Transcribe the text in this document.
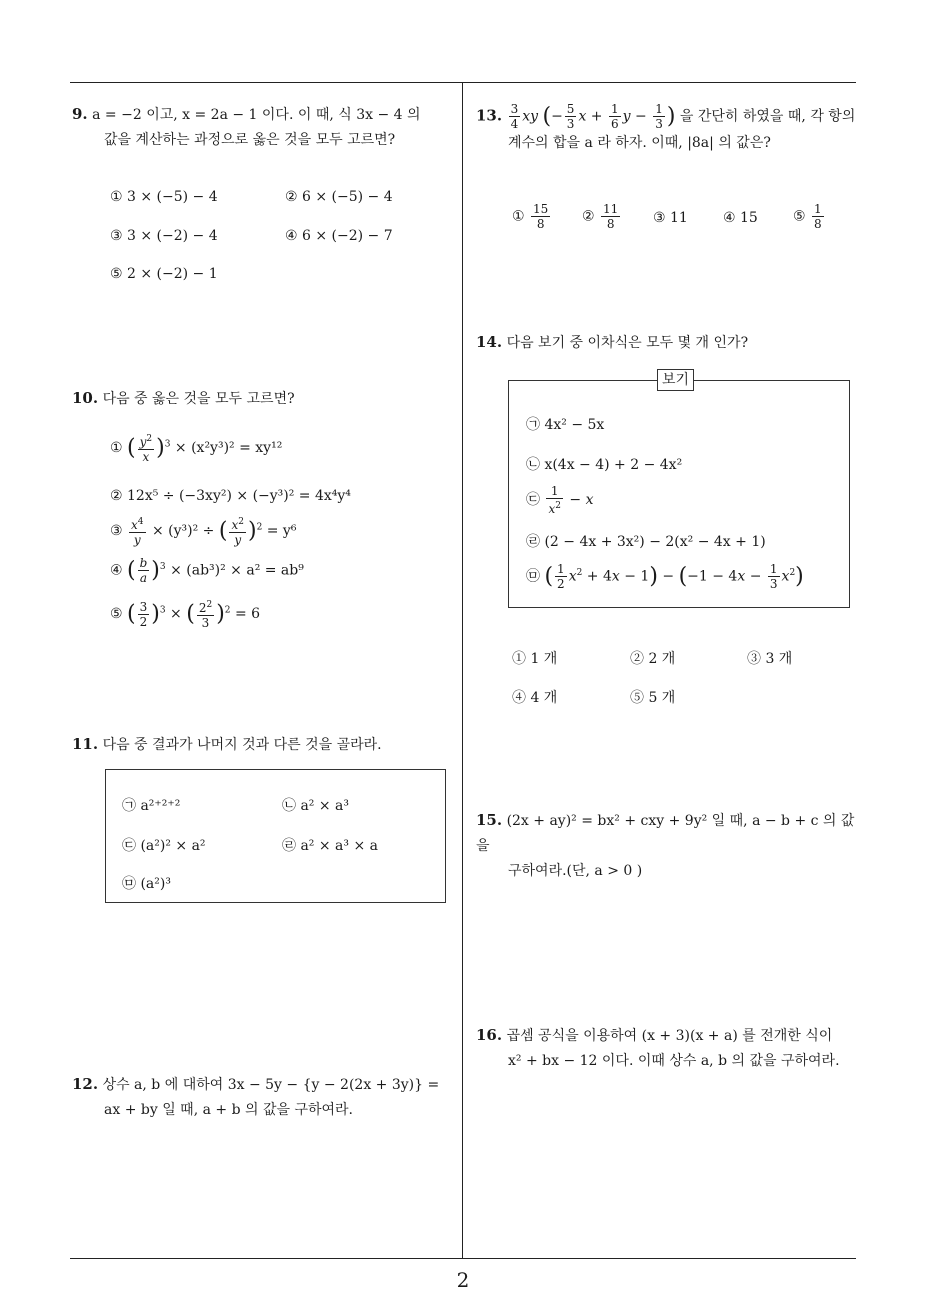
9. a = −2 이고, x = 2a − 1 이다. 이 때, 식 3x − 4 의
값을 계산하는 과정으로 옳은 것을 모두 고르면?
① 3 × (−5) − 4	② 6 × (−5) − 4
③ 3 × (−2) − 4	④ 6 × (−2) − 7
⑤ 2 × (−2) − 1
10. 다음 중 옳은 것을 모두 고르면?
① ( $\frac{y^2}{x} )^3 \times (x^2y^3)^2 = xy^{12}$
② 12x⁵ ÷ (−3xy²) × (−y³)² = 4x⁴y⁴
③ $\frac{x^4}{y} \times (y^3)^2$ ÷ ( $\frac{x^2}{y} )^2 = y^6$
④ ( $\frac{b}{a} )^3 \times (ab^3)^2 \times a^2 = ab^9$
⑤ ( $\frac{3}{2} )^3$ × ( $\frac{2^2}{3} )^2 = 6$
11. 다음 중 결과가 나머지 것과 다른 것을 골라라.
㉠ a²⁺²⁺²	㉡ a² × a³
㉢ (a²)² × a²	㉣ a² × a³ × a
㉤ (a²)³
12. 상수 a, b 에 대하여 3x − 5y − {y − 2(2x + 3y)} =
ax + by 일 때, a + b 의 값을 구하여라.
13. $\frac{3}{4}$ xy (− $\frac{5}{3}$ $x + \frac{1}{6}$ $y - \frac{1}{3}$ ) 을 간단히 하였을 때, 각 항의
계수의 합을 a 라 하자. 이때, |8a| 의 값은?
① $\frac{15}{8}$ ② $\frac{11}{8}$ ③ 11	④ 15	⑤ $\frac{1}{8}$
14. 다음 보기 중 이차식은 모두 몇 개 인가?
보기
㉠ 4x² − 5x
㉡ x(4x − 4) + 2 − 4x²
㉢ $\frac{1}{x^2} - x$
㉣ (2 − 4x + 3x²) − 2(x² − 4x + 1)
㉤ ( $\frac{1}{2} x^2 + 4x - 1) - (-1 - 4x - \frac{1}{3} x^2)$
① 1 개	② 2 개	③ 3 개
④ 4 개	⑤ 5 개
15. (2x + ay)² = bx² + cxy + 9y² 일 때, a − b + c 의 값을
구하여라.(단, a > 0 )
16. 곱셈 공식을 이용하여 (x + 3)(x + a) 를 전개한 식이
x² + bx − 12 이다. 이때 상수 a, b 의 값을 구하여라.
2
